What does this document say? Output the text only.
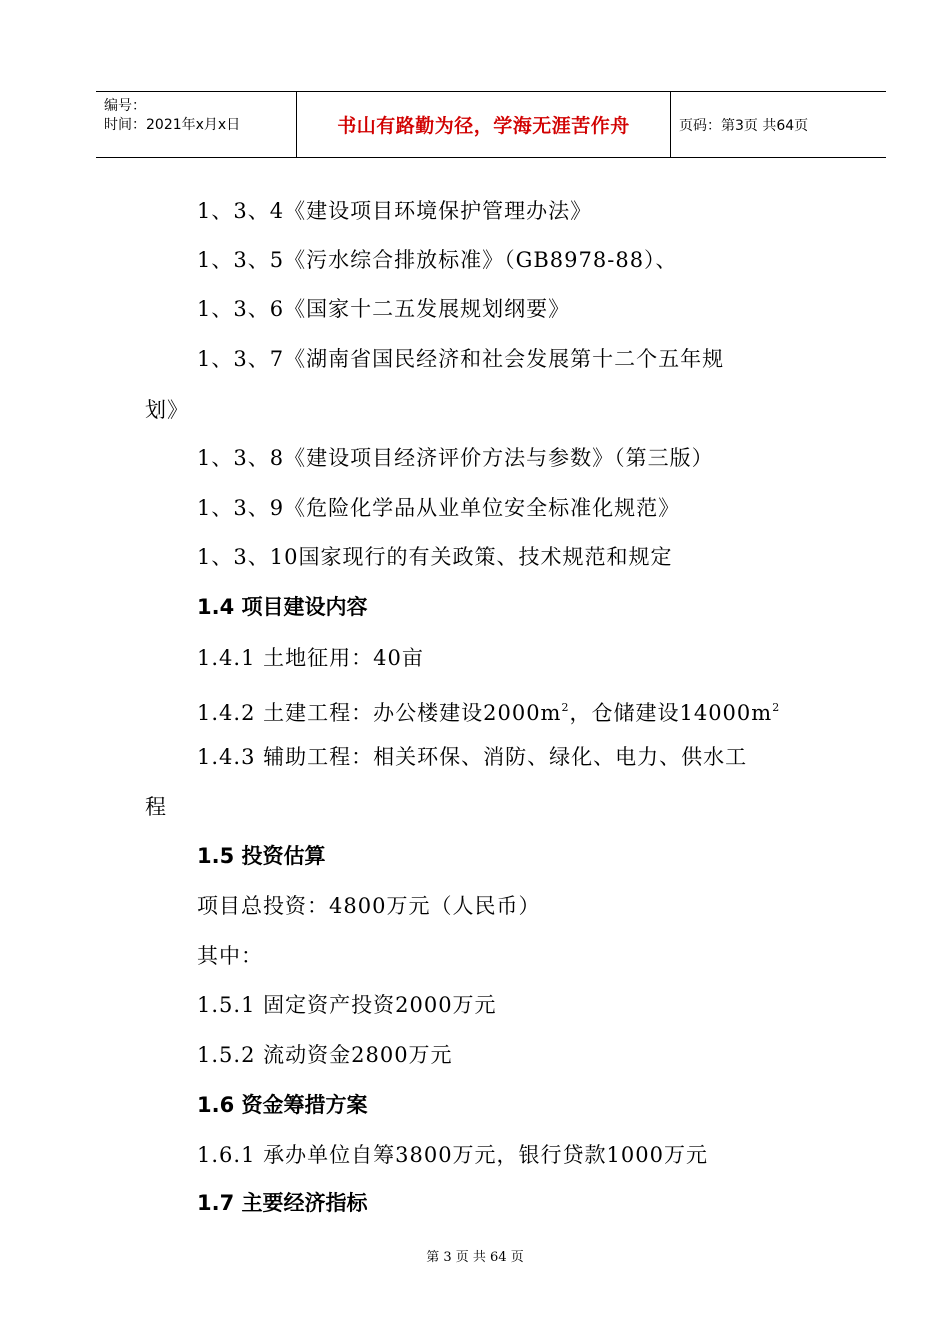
编号：
时间：2021年x月x日	书山有路勤为径，学海无涯苦作舟	页码：第3页 共64页
1、3、4《建设项目环境保护管理办法》
1、3、5《污水综合排放标准》（GB8978-88）、
1、3、6《国家十二五发展规划纲要》
1、3、7《湖南省国民经济和社会发展第十二个五年规
划》
1、3、8《建设项目经济评价方法与参数》（第三版）
1、3、9《危险化学品从业单位安全标准化规范》
1、3、10国家现行的有关政策、技术规范和规定
1.4 项目建设内容
1.4.1 土地征用：40亩
1.4.2 土建工程：办公楼建设$2000m^2$，仓储建设$14000m^2$
1.4.3 辅助工程：相关环保、消防、绿化、电力、供水工
程
1.5 投资估算
项目总投资：4800万元（人民币）
其中：
1.5.1 固定资产投资2000万元
1.5.2 流动资金2800万元
1.6 资金筹措方案
1.6.1 承办单位自筹3800万元，银行贷款1000万元
1.7 主要经济指标
第 3 页 共 64 页
